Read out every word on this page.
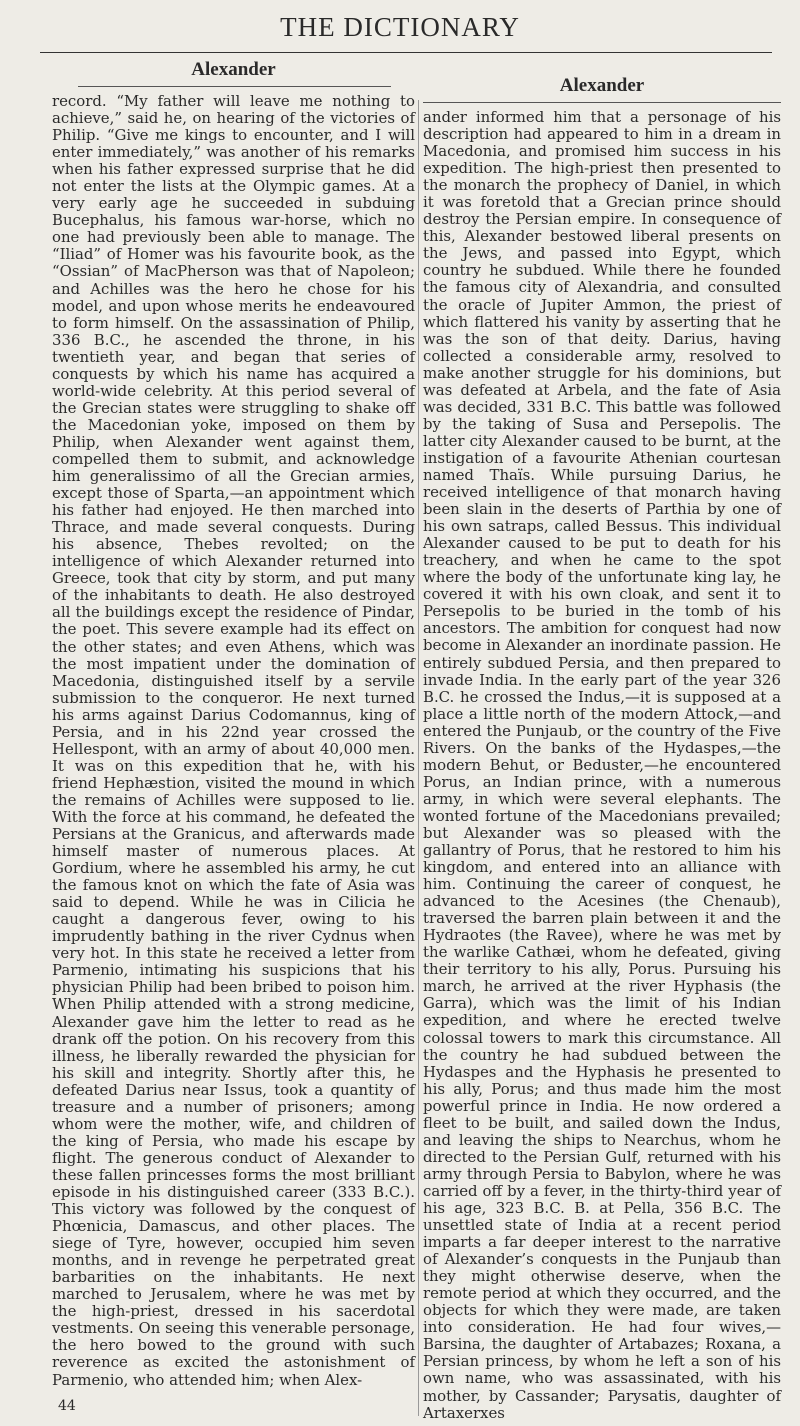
THE DICTIONARY
Alexander

record. “My father will leave me nothing to achieve,” said he, on hearing of the victories of Philip. “Give me kings to encounter, and I will enter immediately,” was another of his remarks when his father expressed surprise that he did not enter the lists at the Olympic games. At a very early age he succeeded in subduing Bucephalus, his famous war-horse, which no one had previously been able to manage. The “Iliad” of Homer was his favourite book, as the “Ossian” of MacPherson was that of Napoleon; and Achilles was the hero he chose for his model, and upon whose merits he endeavoured to form himself. On the assassination of Philip, 336 B.C., he ascended the throne, in his twentieth year, and began that series of conquests by which his name has acquired a world-wide celebrity. At this period several of the Grecian states were struggling to shake off the Macedonian yoke, imposed on them by Philip, when Alexander went against them, compelled them to submit, and acknowledge him generalissimo of all the Grecian armies, except those of Sparta,—an appointment which his father had enjoyed. He then marched into Thrace, and made several conquests. During his absence, Thebes revolted; on the intelligence of which Alexander returned into Greece, took that city by storm, and put many of the inhabitants to death. He also destroyed all the buildings except the residence of Pindar, the poet. This severe example had its effect on the other states; and even Athens, which was the most impatient under the domination of Macedonia, distinguished itself by a servile submission to the conqueror. He next turned his arms against Darius Codomannus, king of Persia, and in his 22nd year crossed the Hellespont, with an army of about 40,000 men. It was on this expedition that he, with his friend Hephæstion, visited the mound in which the remains of Achilles were supposed to lie. With the force at his command, he defeated the Persians at the Granicus, and afterwards made himself master of numerous places. At Gordium, where he assembled his army, he cut the famous knot on which the fate of Asia was said to depend. While he was in Cilicia he caught a dangerous fever, owing to his imprudently bathing in the river Cydnus when very hot. In this state he received a letter from Parmenio, intimating his suspicions that his physician Philip had been bribed to poison him. When Philip attended with a strong medicine, Alexander gave him the letter to read as he drank off the potion. On his recovery from this illness, he liberally rewarded the physician for his skill and integrity. Shortly after this, he defeated Darius near Issus, took a quantity of treasure and a number of prisoners; among whom were the mother, wife, and children of the king of Persia, who made his escape by flight. The generous conduct of Alexander to these fallen princesses forms the most brilliant episode in his distinguished career (333 B.C.). This victory was followed by the conquest of Phœnicia, Damascus, and other places. The siege of Tyre, however, occupied him seven months, and in revenge he perpetrated great barbarities on the inhabitants. He next marched to Jerusalem, where he was met by the high-priest, dressed in his sacerdotal vestments. On seeing this venerable personage, the hero bowed to the ground with such reverence as excited the astonishment of Parmenio, who attended him; when Alex-

Alexander

ander informed him that a personage of his description had appeared to him in a dream in Macedonia, and promised him success in his expedition. The high-priest then presented to the monarch the prophecy of Daniel, in which it was foretold that a Grecian prince should destroy the Persian empire. In consequence of this, Alexander bestowed liberal presents on the Jews, and passed into Egypt, which country he subdued. While there he founded the famous city of Alexandria, and consulted the oracle of Jupiter Ammon, the priest of which flattered his vanity by asserting that he was the son of that deity. Darius, having collected a considerable army, resolved to make another struggle for his dominions, but was defeated at Arbela, and the fate of Asia was decided, 331 B.C. This battle was followed by the taking of Susa and Persepolis. The latter city Alexander caused to be burnt, at the instigation of a favourite Athenian courtesan named Thaïs. While pursuing Darius, he received intelligence of that monarch having been slain in the deserts of Parthia by one of his own satraps, called Bessus. This individual Alexander caused to be put to death for his treachery, and when he came to the spot where the body of the unfortunate king lay, he covered it with his own cloak, and sent it to Persepolis to be buried in the tomb of his ancestors. The ambition for conquest had now become in Alexander an inordinate passion. He entirely subdued Persia, and then prepared to invade India. In the early part of the year 326 B.C. he crossed the Indus,—it is supposed at a place a little north of the modern Attock,—and entered the Punjaub, or the country of the Five Rivers. On the banks of the Hydaspes,—the modern Behut, or Beduster,—he encountered Porus, an Indian prince, with a numerous army, in which were several elephants. The wonted fortune of the Macedonians prevailed; but Alexander was so pleased with the gallantry of Porus, that he restored to him his kingdom, and entered into an alliance with him. Continuing the career of conquest, he advanced to the Acesines (the Chenaub), traversed the barren plain between it and the Hydraotes (the Ravee), where he was met by the warlike Cathæi, whom he defeated, giving their territory to his ally, Porus. Pursuing his march, he arrived at the river Hyphasis (the Garra), which was the limit of his Indian expedition, and where he erected twelve colossal towers to mark this circumstance. All the country he had subdued between the Hydaspes and the Hyphasis he presented to his ally, Porus; and thus made him the most powerful prince in India. He now ordered a fleet to be built, and sailed down the Indus, and leaving the ships to Nearchus, whom he directed to the Persian Gulf, returned with his army through Persia to Babylon, where he was carried off by a fever, in the thirty-third year of his age, 323 B.C. B. at Pella, 356 B.C. The unsettled state of India at a recent period imparts a far deeper interest to the narrative of Alexander’s conquests in the Punjaub than they might otherwise deserve, when the remote period at which they occurred, and the objects for which they were made, are taken into consideration. He had four wives,—Barsina, the daughter of Artabazes; Roxana, a Persian princess, by whom he left a son of his own name, who was assassinated, with his mother, by Cassander; Parysatis, daughter of Artaxerxes

44
